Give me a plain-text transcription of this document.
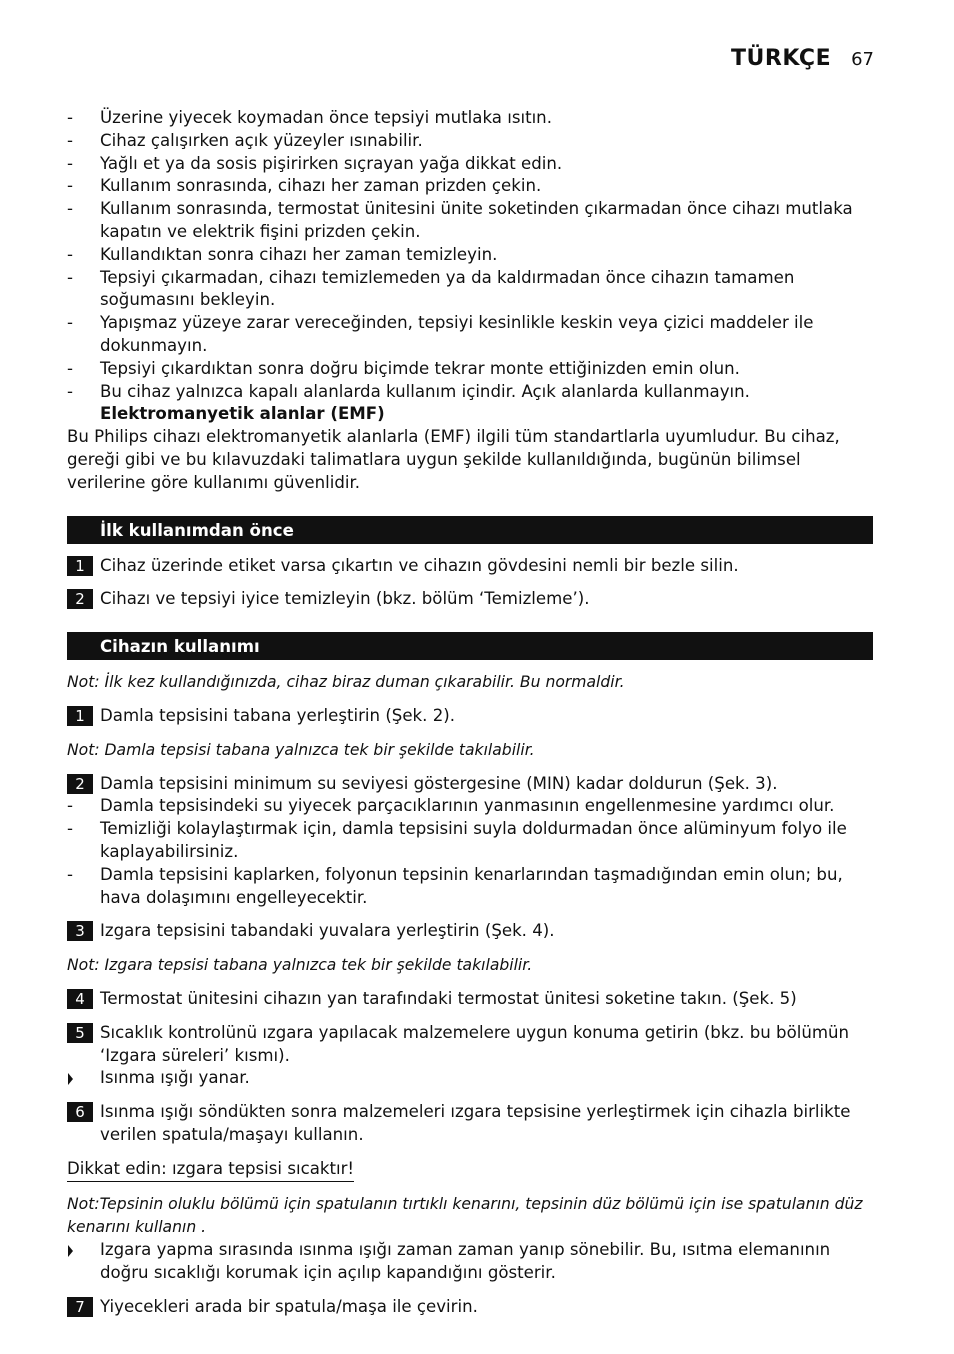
TÜRKÇE 67
- Üzerine yiyecek koymadan önce tepsiyi mutlaka ısıtın.
- Cihaz çalışırken açık yüzeyler ısınabilir.
- Yağlı et ya da sosis pişirirken sıçrayan yağa dikkat edin.
- Kullanım sonrasında, cihazı her zaman prizden çekin.
- Kullanım sonrasında, termostat ünitesini ünite soketinden çıkarmadan önce cihazı mutlaka kapatın ve elektrik fişini prizden çekin.
- Kullandıktan sonra cihazı her zaman temizleyin.
- Tepsiyi çıkarmadan, cihazı temizlemeden ya da kaldırmadan önce cihazın tamamen soğumasını bekleyin.
- Yapışmaz yüzeye zarar vereceğinden, tepsiyi kesinlikle keskin veya çizici maddeler ile dokunmayın.
- Tepsiyi çıkardıktan sonra doğru biçimde tekrar monte ettiğinizden emin olun.
- Bu cihaz yalnızca kapalı alanlarda kullanım içindir. Açık alanlarda kullanmayın.
Elektromanyetik alanlar (EMF)
Bu Philips cihazı elektromanyetik alanlarla (EMF) ilgili tüm standartlarla uyumludur. Bu cihaz, gereği gibi ve bu kılavuzdaki talimatlara uygun şekilde kullanıldığında, bugünün bilimsel verilerine göre kullanımı güvenlidir.
İlk kullanımdan önce
1 Cihaz üzerinde etiket varsa çıkartın ve cihazın gövdesini nemli bir bezle silin.
2 Cihazı ve tepsiyi iyice temizleyin (bkz. bölüm ‘Temizleme’).
Cihazın kullanımı
Not: İlk kez kullandığınızda, cihaz biraz duman çıkarabilir. Bu normaldir.
1 Damla tepsisini tabana yerleştirin (Şek. 2).
Not: Damla tepsisi tabana yalnızca tek bir şekilde takılabilir.
2 Damla tepsisini minimum su seviyesi göstergesine (MIN) kadar doldurun (Şek. 3).
- Damla tepsisindeki su yiyecek parçacıklarının yanmasının engellenmesine yardımcı olur.
- Temizliği kolaylaştırmak için, damla tepsisini suyla doldurmadan önce alüminyum folyo ile kaplayabilirsiniz.
- Damla tepsisini kaplarken, folyonun tepsinin kenarlarından taşmadığından emin olun; bu, hava dolaşımını engelleyecektir.
3 Izgara tepsisini tabandaki yuvalara yerleştirin (Şek. 4).
Not: Izgara tepsisi tabana yalnızca tek bir şekilde takılabilir.
4 Termostat ünitesini cihazın yan tarafındaki termostat ünitesi soketine takın. (Şek. 5)
5 Sıcaklık kontrolünü ızgara yapılacak malzemelere uygun konuma getirin (bkz. bu bölümün ‘Izgara süreleri’ kısmı).
Isınma ışığı yanar.
6 Isınma ışığı söndükten sonra malzemeleri ızgara tepsisine yerleştirmek için cihazla birlikte verilen spatula/maşayı kullanın.
Dikkat edin: ızgara tepsisi sıcaktır!
Not:Tepsinin oluklu bölümü için spatulanın tırtıklı kenarını, tepsinin düz bölümü için ise spatulanın düz kenarını kullanın .
Izgara yapma sırasında ısınma ışığı zaman zaman yanıp sönebilir. Bu, ısıtma elemanının doğru sıcaklığı korumak için açılıp kapandığını gösterir.
7 Yiyecekleri arada bir spatula/maşa ile çevirin.
